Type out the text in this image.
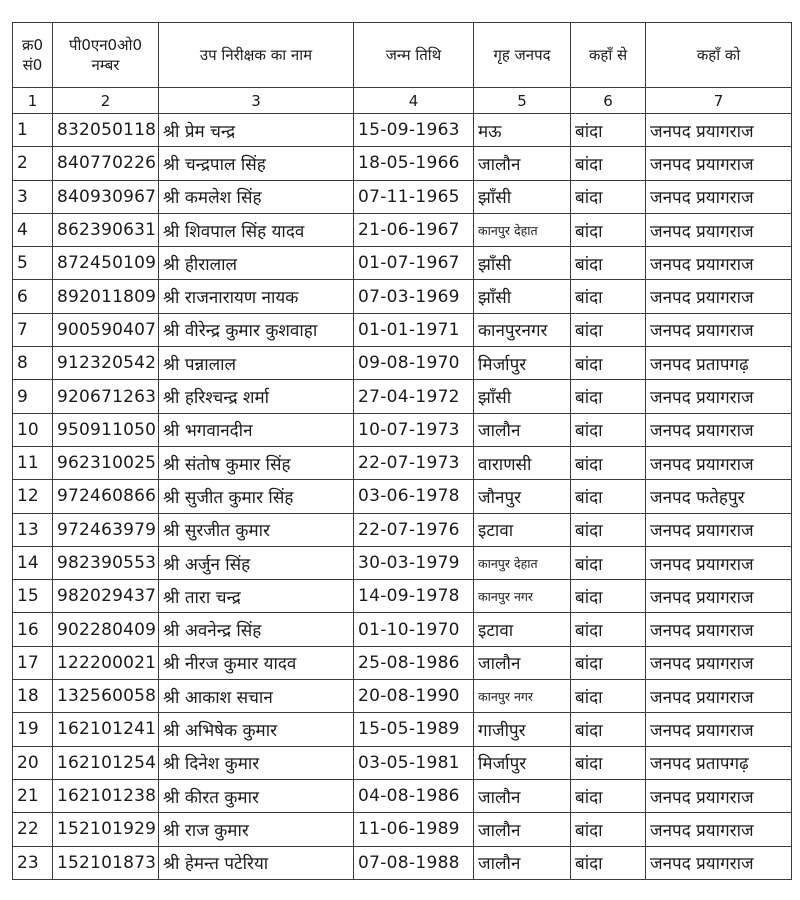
क्र0 सं0	पी0एन0ओ0 नम्बर	उप निरीक्षक का नाम	जन्म तिथि	गृह जनपद	कहाँ से	कहाँ को
1	2	3	4	5	6	7
1	832050118	श्री प्रेम चन्द्र	15-09-1963	मऊ	बांदा	जनपद प्रयागराज
2	840770226	श्री चन्द्रपाल सिंह	18-05-1966	जालौन	बांदा	जनपद प्रयागराज
3	840930967	श्री कमलेश सिंह	07-11-1965	झाँसी	बांदा	जनपद प्रयागराज
4	862390631	श्री शिवपाल सिंह यादव	21-06-1967	कानपुर देहात	बांदा	जनपद प्रयागराज
5	872450109	श्री हीरालाल	01-07-1967	झाँसी	बांदा	जनपद प्रयागराज
6	892011809	श्री राजनारायण नायक	07-03-1969	झाँसी	बांदा	जनपद प्रयागराज
7	900590407	श्री वीरेन्द्र कुमार कुशवाहा	01-01-1971	कानपुरनगर	बांदा	जनपद प्रयागराज
8	912320542	श्री पन्नालाल	09-08-1970	मिर्जापुर	बांदा	जनपद प्रतापगढ़
9	920671263	श्री हरिश्चन्द्र शर्मा	27-04-1972	झाँसी	बांदा	जनपद प्रयागराज
10	950911050	श्री भगवानदीन	10-07-1973	जालौन	बांदा	जनपद प्रयागराज
11	962310025	श्री संतोष कुमार सिंह	22-07-1973	वाराणसी	बांदा	जनपद प्रयागराज
12	972460866	श्री सुजीत कुमार सिंह	03-06-1978	जौनपुर	बांदा	जनपद फतेहपुर
13	972463979	श्री सुरजीत कुमार	22-07-1976	इटावा	बांदा	जनपद प्रयागराज
14	982390553	श्री अर्जुन सिंह	30-03-1979	कानपुर देहात	बांदा	जनपद प्रयागराज
15	982029437	श्री तारा चन्द्र	14-09-1978	कानपुर नगर	बांदा	जनपद प्रयागराज
16	902280409	श्री अवनेन्द्र सिंह	01-10-1970	इटावा	बांदा	जनपद प्रयागराज
17	122200021	श्री नीरज कुमार यादव	25-08-1986	जालौन	बांदा	जनपद प्रयागराज
18	132560058	श्री आकाश सचान	20-08-1990	कानपुर नगर	बांदा	जनपद प्रयागराज
19	162101241	श्री अभिषेक कुमार	15-05-1989	गाजीपुर	बांदा	जनपद प्रयागराज
20	162101254	श्री दिनेश कुमार	03-05-1981	मिर्जापुर	बांदा	जनपद प्रतापगढ़
21	162101238	श्री कीरत कुमार	04-08-1986	जालौन	बांदा	जनपद प्रयागराज
22	152101929	श्री राज कुमार	11-06-1989	जालौन	बांदा	जनपद प्रयागराज
23	152101873	श्री हेमन्त पटेरिया	07-08-1988	जालौन	बांदा	जनपद प्रयागराज
